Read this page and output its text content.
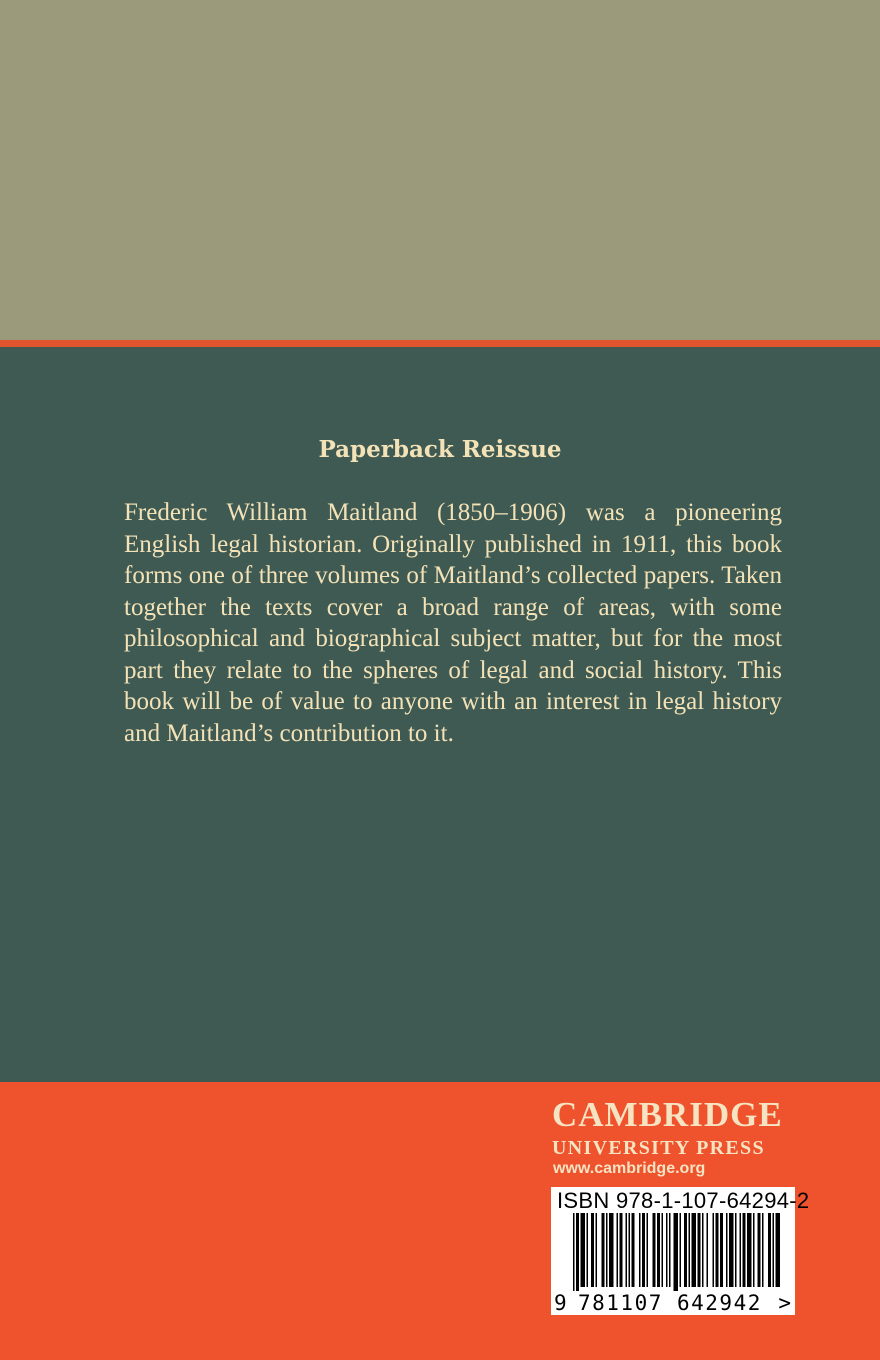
Paperback Reissue

Frederic William Maitland (1850–1906) was a pioneering English legal historian. Originally published in 1911, this book forms one of three volumes of Maitland’s collected papers. Taken together the texts cover a broad range of areas, with some philosophical and biographical subject matter, but for the most part they relate to the spheres of legal and social history. This book will be of value to anyone with an interest in legal history and Maitland’s contribution to it.

CAMBRIDGE
UNIVERSITY PRESS
www.cambridge.org
ISBN 978-1-107-64294-2
9 781107 642942 >
